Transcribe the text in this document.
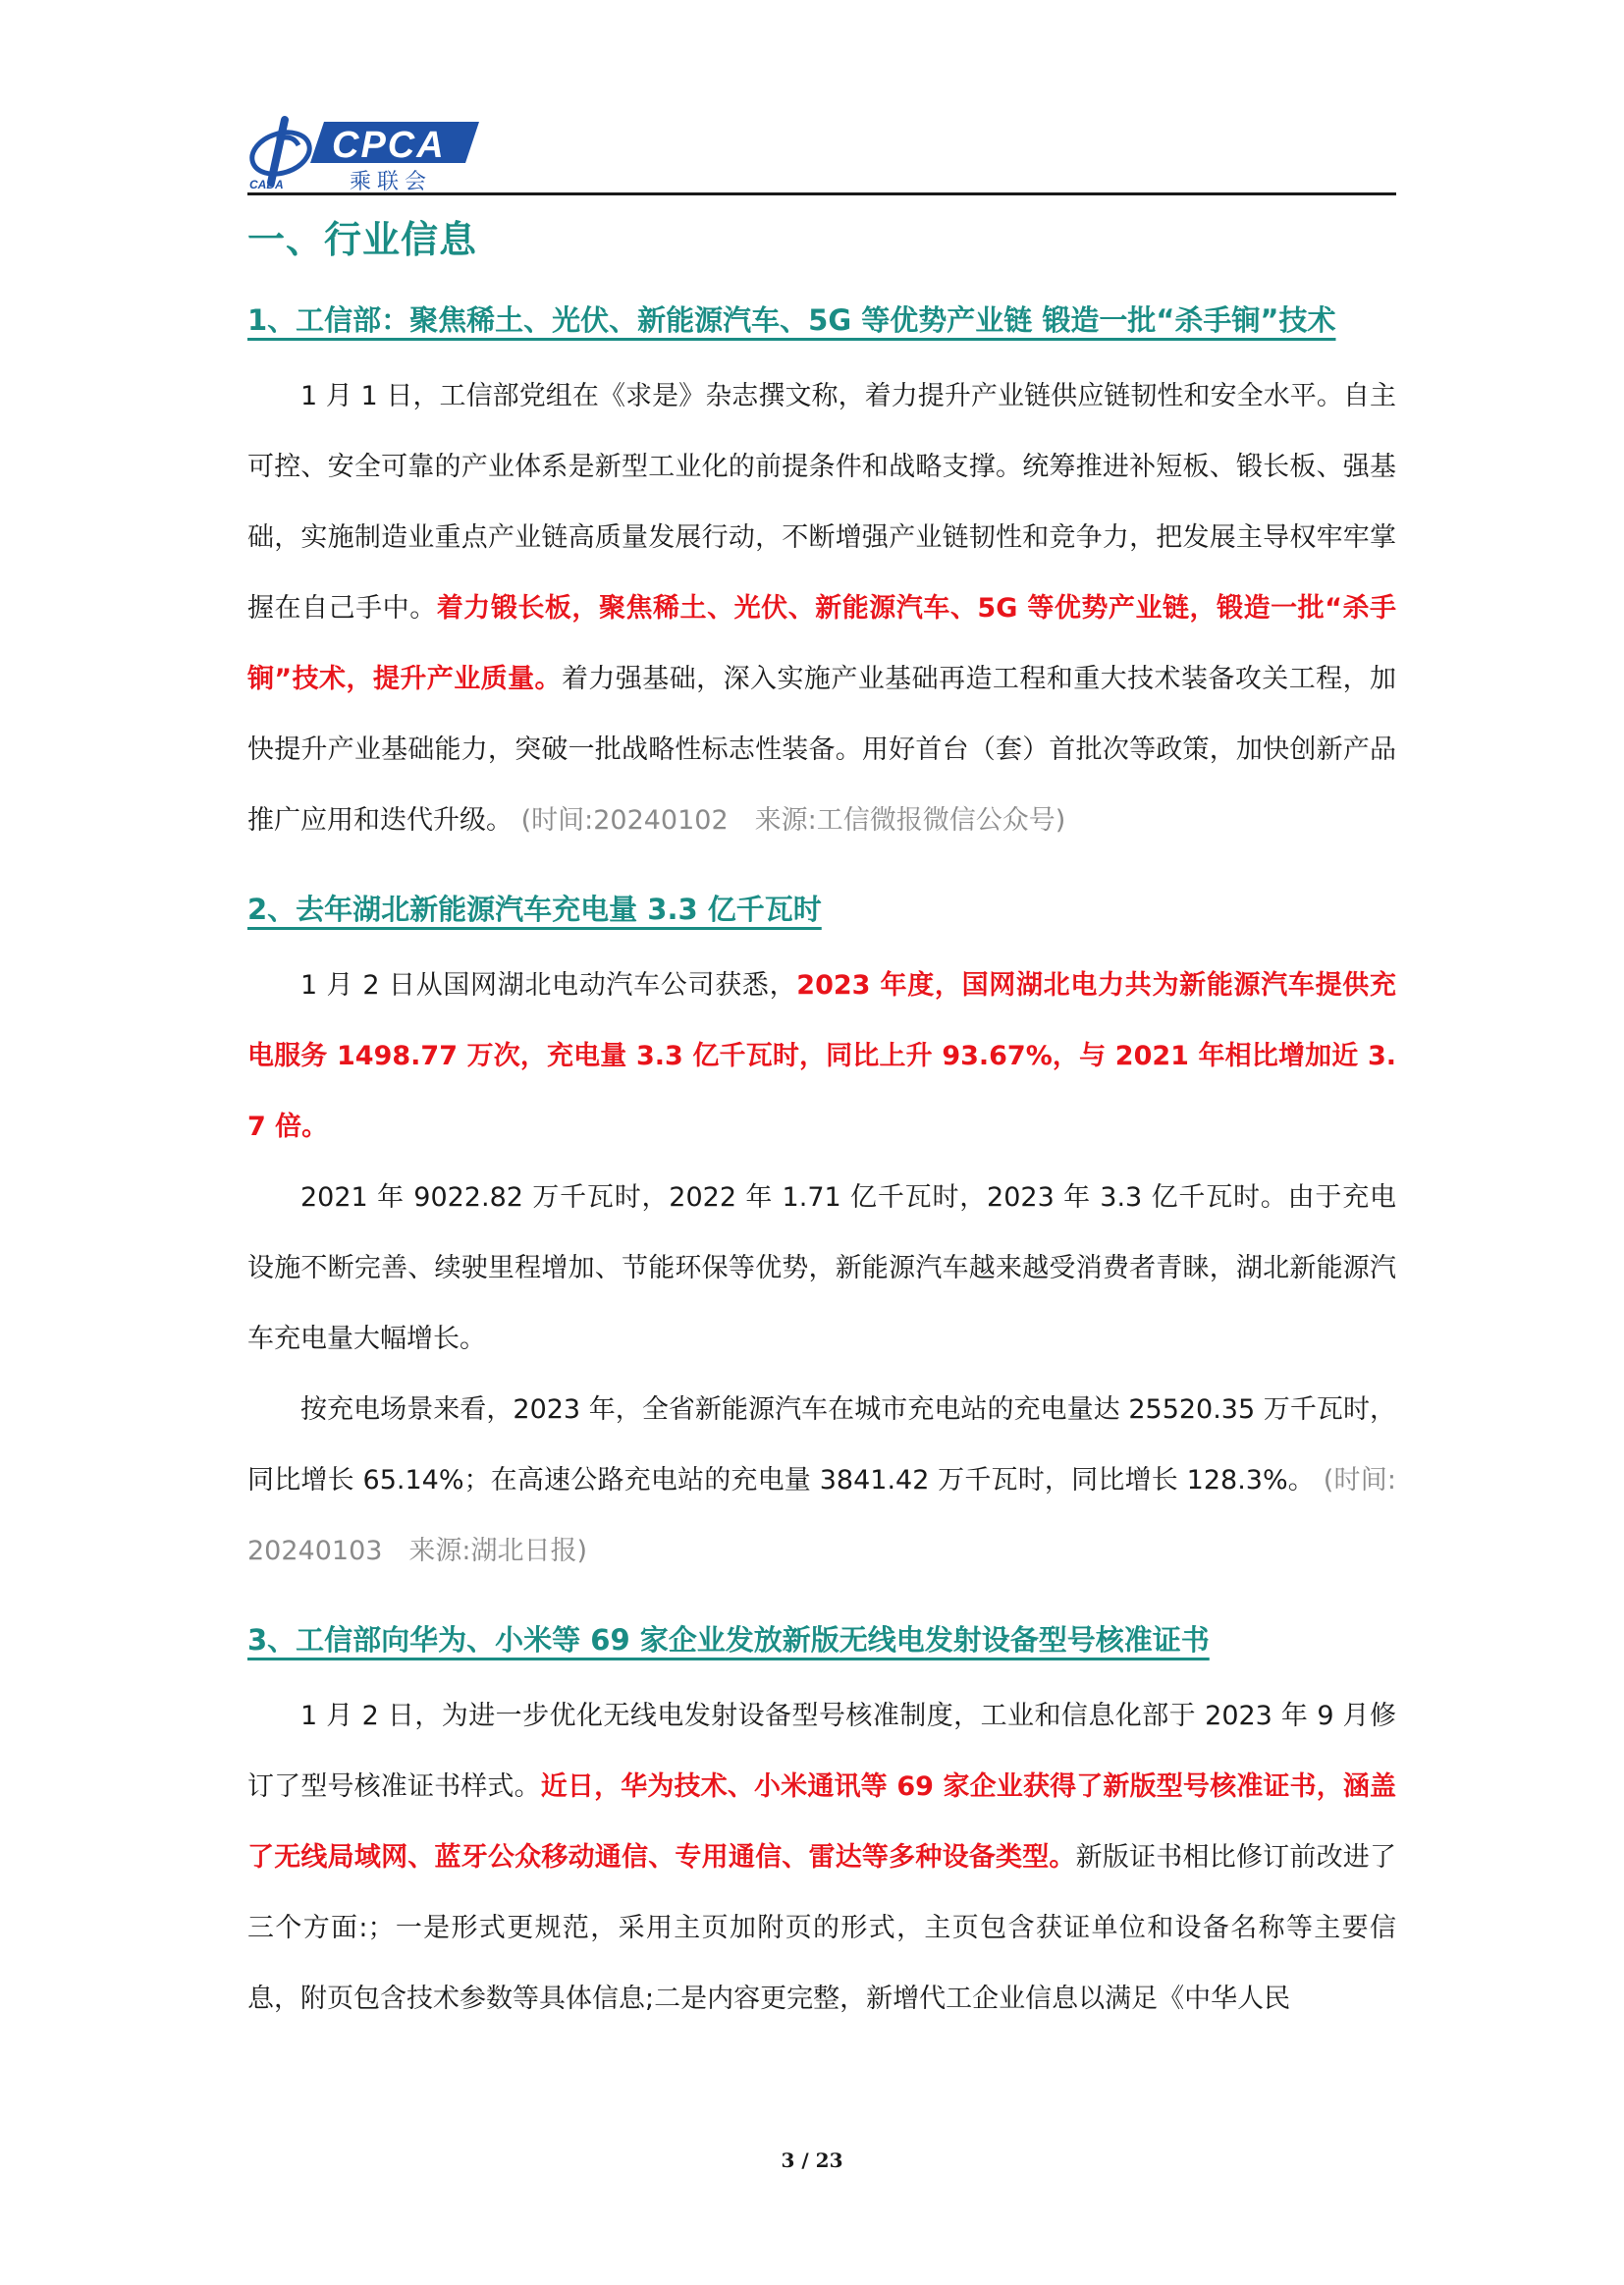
CADA
CPCA
乘联会
一、行业信息
1、工信部：聚焦稀土、光伏、新能源汽车、5G 等优势产业链 锻造一批“杀手锏”技术

1 月 1 日，工信部党组在《求是》杂志撰文称，着力提升产业链供应链韧性和安全水平。自主可控、安全可靠的产业体系是新型工业化的前提条件和战略支撑。统筹推进补短板、锻长板、强基础，实施制造业重点产业链高质量发展行动，不断增强产业链韧性和竞争力，把发展主导权牢牢掌握在自己手中。着力锻长板，聚焦稀土、光伏、新能源汽车、5G 等优势产业链，锻造一批“杀手锏”技术，提升产业质量。着力强基础，深入实施产业基础再造工程和重大技术装备攻关工程，加快提升产业基础能力，突破一批战略性标志性装备。用好首台（套）首批次等政策，加快创新产品推广应用和迭代升级。 (时间:20240102　来源:工信微报微信公众号)

2、去年湖北新能源汽车充电量 3.3 亿千瓦时

1 月 2 日从国网湖北电动汽车公司获悉，2023 年度，国网湖北电力共为新能源汽车提供充电服务 1498.77 万次，充电量 3.3 亿千瓦时，同比上升 93.67%，与 2021 年相比增加近 3.7 倍。

2021 年 9022.82 万千瓦时，2022 年 1.71 亿千瓦时，2023 年 3.3 亿千瓦时。由于充电设施不断完善、续驶里程增加、节能环保等优势，新能源汽车越来越受消费者青睐，湖北新能源汽车充电量大幅增长。

按充电场景来看，2023 年，全省新能源汽车在城市充电站的充电量达 25520.35 万千瓦时，同比增长 65.14%；在高速公路充电站的充电量 3841.42 万千瓦时，同比增长 128.3%。 (时间:20240103　来源:湖北日报)

3、工信部向华为、小米等 69 家企业发放新版无线电发射设备型号核准证书

1 月 2 日，为进一步优化无线电发射设备型号核准制度，工业和信息化部于 2023 年 9 月修订了型号核准证书样式。近日，华为技术、小米通讯等 69 家企业获得了新版型号核准证书，涵盖了无线局域网、蓝牙公众移动通信、专用通信、雷达等多种设备类型。新版证书相比修订前改进了三个方面:；一是形式更规范，采用主页加附页的形式，主页包含获证单位和设备名称等主要信息，附页包含技术参数等具体信息;二是内容更完整，新增代工企业信息以满足《中华人民

3 / 23
